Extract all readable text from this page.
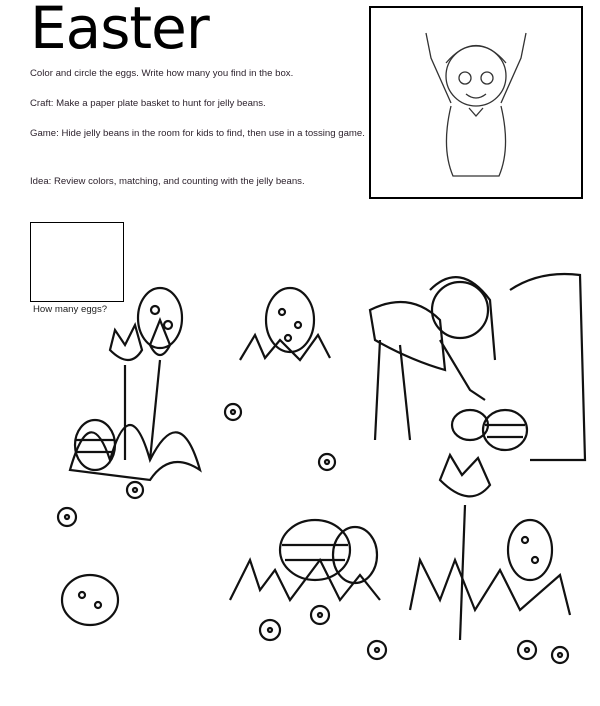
Easter
Color and circle the eggs. Write how many you find in the box.
Craft: Make a paper plate basket to hunt for jelly beans.
Game: Hide jelly beans in the room for kids to find, then use in a tossing game.
Idea: Review colors, matching, and counting with the jelly beans.
How many eggs?
